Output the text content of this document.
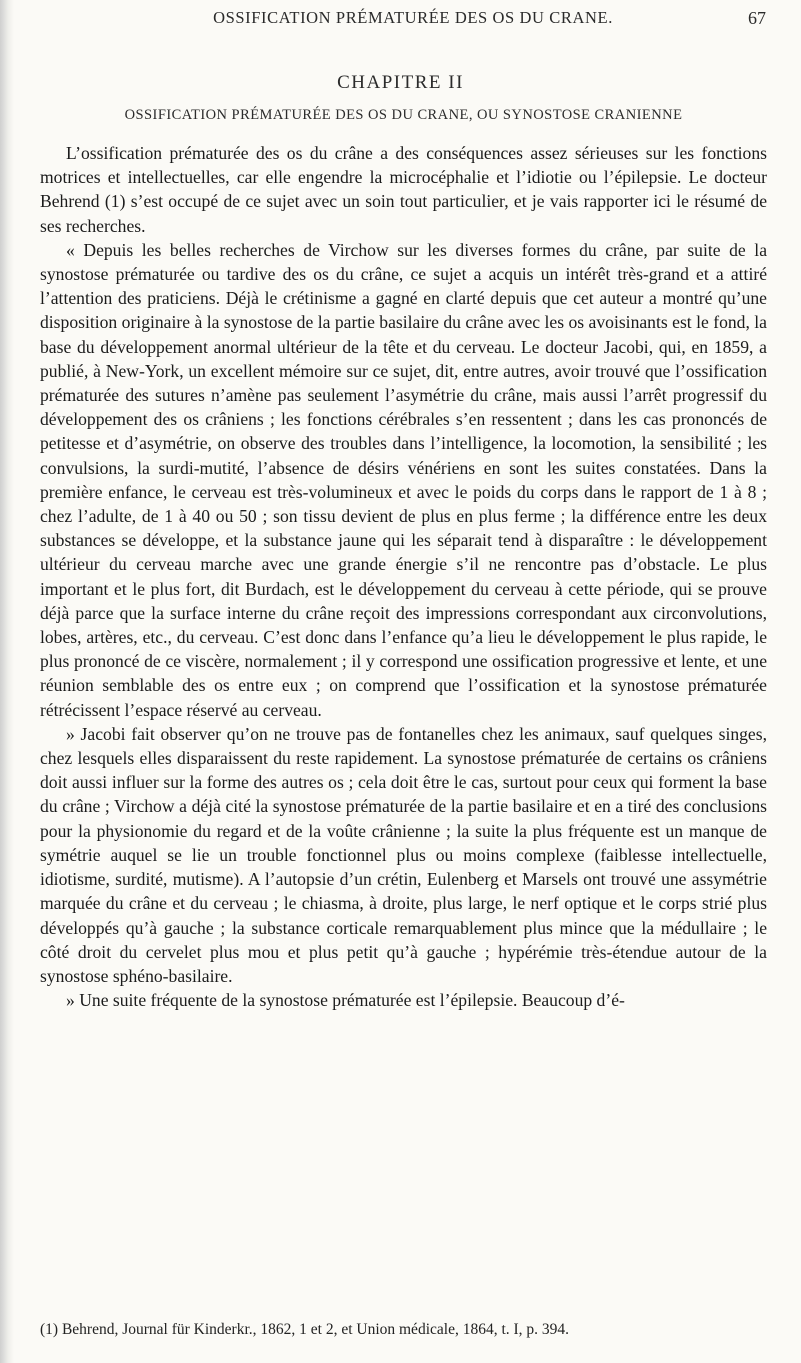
OSSIFICATION PRÉMATURÉE DES OS DU CRANE.	67
CHAPITRE II
OSSIFICATION PRÉMATURÉE DES OS DU CRANE, OU SYNOSTOSE CRANIENNE

L’ossification prématurée des os du crâne a des conséquences assez sérieuses sur les fonctions motrices et intellectuelles, car elle engendre la microcéphalie et l’idiotie ou l’épilepsie. Le docteur Behrend (1) s’est occupé de ce sujet avec un soin tout particulier, et je vais rapporter ici le résumé de ses recherches.

« Depuis les belles recherches de Virchow sur les diverses formes du crâne, par suite de la synostose prématurée ou tardive des os du crâne, ce sujet a acquis un intérêt très-grand et a attiré l’attention des praticiens. Déjà le crétinisme a gagné en clarté depuis que cet auteur a montré qu’une disposition originaire à la synostose de la partie basilaire du crâne avec les os avoisinants est le fond, la base du développement anormal ultérieur de la tête et du cerveau. Le docteur Jacobi, qui, en 1859, a publié, à New-York, un excellent mémoire sur ce sujet, dit, entre autres, avoir trouvé que l’ossification prématurée des sutures n’amène pas seulement l’asymétrie du crâne, mais aussi l’arrêt progressif du développement des os crâniens ; les fonctions cérébrales s’en ressentent ; dans les cas prononcés de petitesse et d’asymétrie, on observe des troubles dans l’intelligence, la locomotion, la sensibilité ; les convulsions, la surdi-mutité, l’absence de désirs vénériens en sont les suites constatées. Dans la première enfance, le cerveau est très-volumineux et avec le poids du corps dans le rapport de 1 à 8 ; chez l’adulte, de 1 à 40 ou 50 ; son tissu devient de plus en plus ferme ; la différence entre les deux substances se développe, et la substance jaune qui les séparait tend à disparaître : le développement ultérieur du cerveau marche avec une grande énergie s’il ne rencontre pas d’obstacle. Le plus important et le plus fort, dit Burdach, est le développement du cerveau à cette période, qui se prouve déjà parce que la surface interne du crâne reçoit des impressions correspondant aux circonvolutions, lobes, artères, etc., du cerveau. C’est donc dans l’enfance qu’a lieu le développement le plus rapide, le plus prononcé de ce viscère, normalement ; il y correspond une ossification progressive et lente, et une réunion semblable des os entre eux ; on comprend que l’ossification et la synostose prématurée rétrécissent l’espace réservé au cerveau.

» Jacobi fait observer qu’on ne trouve pas de fontanelles chez les animaux, sauf quelques singes, chez lesquels elles disparaissent du reste rapidement. La synostose prématurée de certains os crâniens doit aussi influer sur la forme des autres os ; cela doit être le cas, surtout pour ceux qui forment la base du crâne ; Virchow a déjà cité la synostose prématurée de la partie basilaire et en a tiré des conclusions pour la physionomie du regard et de la voûte crânienne ; la suite la plus fréquente est un manque de symétrie auquel se lie un trouble fonctionnel plus ou moins complexe (faiblesse intellectuelle, idiotisme, surdité, mutisme). A l’autopsie d’un crétin, Eulenberg et Marsels ont trouvé une assymétrie marquée du crâne et du cerveau ; le chiasma, à droite, plus large, le nerf optique et le corps strié plus développés qu’à gauche ; la substance corticale remarquablement plus mince que la médullaire ; le côté droit du cervelet plus mou et plus petit qu’à gauche ; hypérémie très-étendue autour de la synostose sphéno-basilaire.

» Une suite fréquente de la synostose prématurée est l’épilepsie. Beaucoup d’é-

(1) Behrend, Journal für Kinderkr., 1862, 1 et 2, et Union médicale, 1864, t. I, p. 394.
